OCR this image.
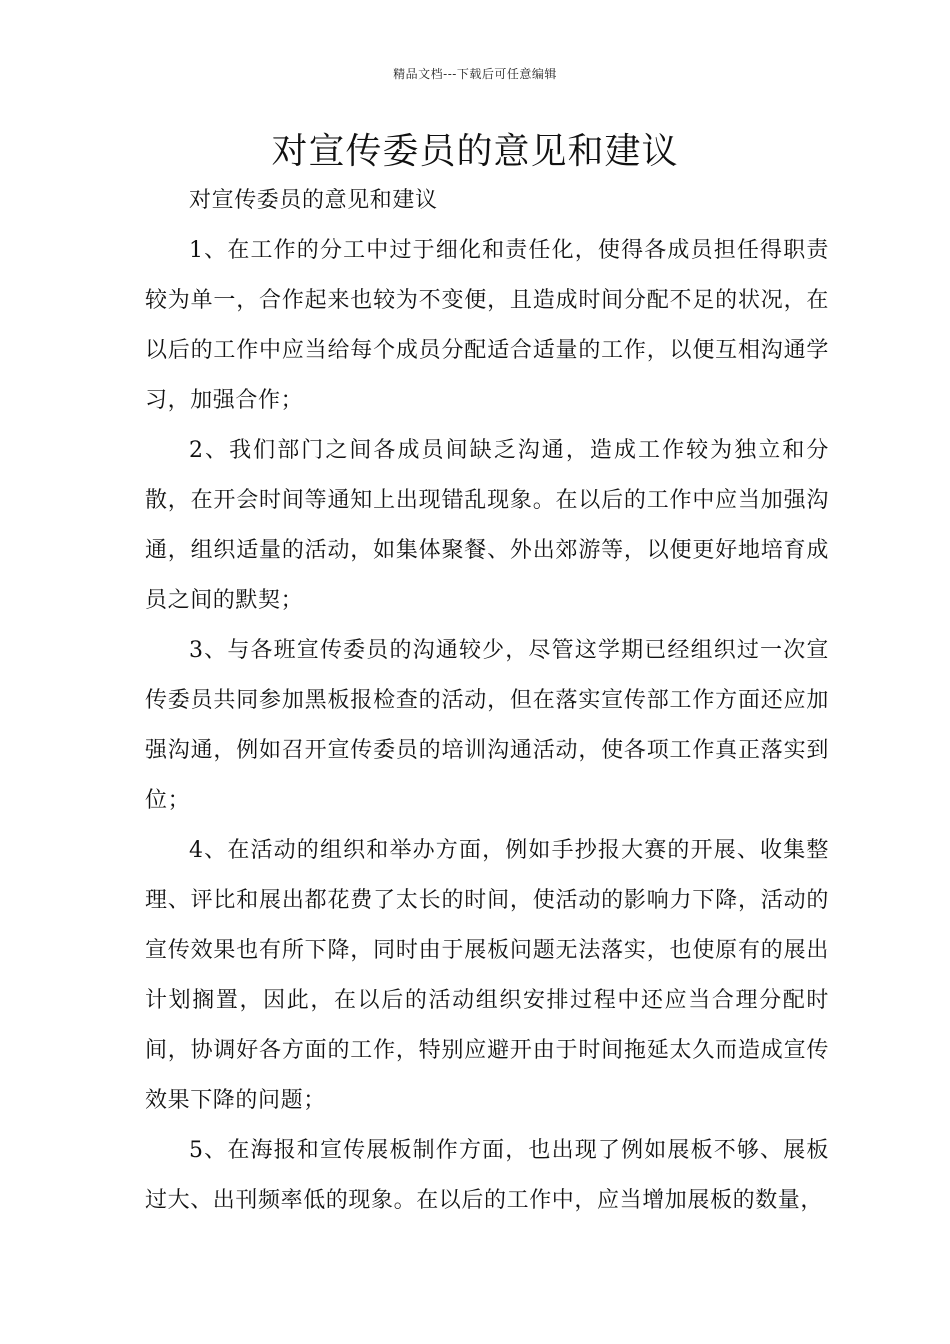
精品文档---下载后可任意编辑
对宣传委员的意见和建议

对宣传委员的意见和建议

1、在工作的分工中过于细化和责任化，使得各成员担任得职责较为单一，合作起来也较为不变便，且造成时间分配不足的状况，在以后的工作中应当给每个成员分配适合适量的工作，以便互相沟通学习，加强合作；

2、我们部门之间各成员间缺乏沟通，造成工作较为独立和分散，在开会时间等通知上出现错乱现象。在以后的工作中应当加强沟通，组织适量的活动，如集体聚餐、外出郊游等，以便更好地培育成员之间的默契；

3、与各班宣传委员的沟通较少，尽管这学期已经组织过一次宣传委员共同参加黑板报检查的活动，但在落实宣传部工作方面还应加强沟通，例如召开宣传委员的培训沟通活动，使各项工作真正落实到位；

4、在活动的组织和举办方面，例如手抄报大赛的开展、收集整理、评比和展出都花费了太长的时间，使活动的影响力下降，活动的宣传效果也有所下降，同时由于展板问题无法落实，也使原有的展出计划搁置，因此，在以后的活动组织安排过程中还应当合理分配时间，协调好各方面的工作，特别应避开由于时间拖延太久而造成宣传效果下降的问题；

5、在海报和宣传展板制作方面，也出现了例如展板不够、展板过大、出刊频率低的现象。在以后的工作中，应当增加展板的数量，
